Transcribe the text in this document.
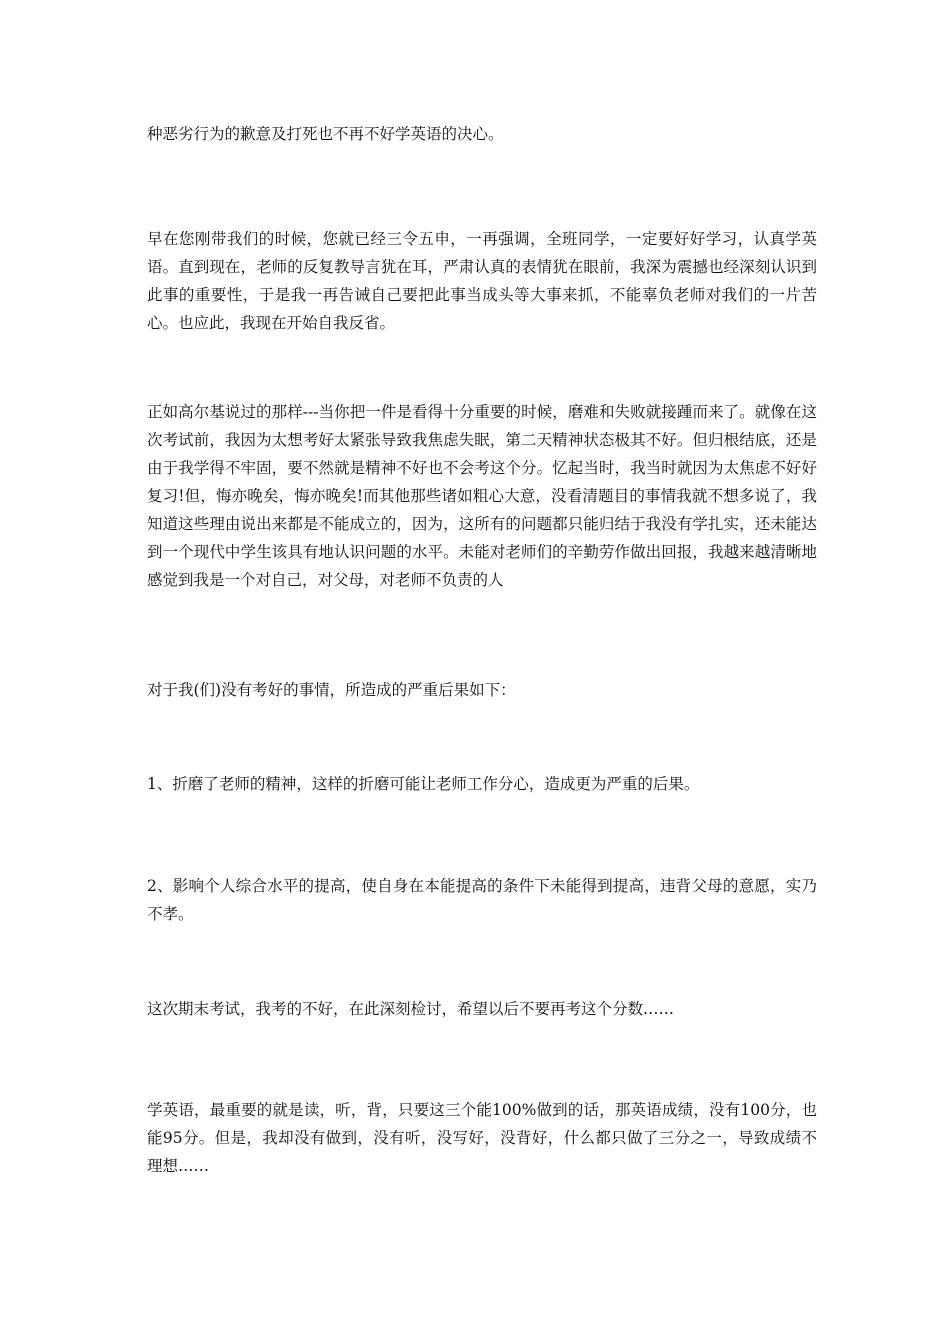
种恶劣行为的歉意及打死也不再不好学英语的决心。

早在您刚带我们的时候，您就已经三令五申，一再强调，全班同学，一定要好好学习，认真学英语。直到现在，老师的反复教导言犹在耳，严肃认真的表情犹在眼前，我深为震撼也经深刻认识到此事的重要性，于是我一再告诫自己要把此事当成头等大事来抓，不能辜负老师对我们的一片苦心。也应此，我现在开始自我反省。

正如高尔基说过的那样---当你把一件是看得十分重要的时候，磨难和失败就接踵而来了。就像在这次考试前，我因为太想考好太紧张导致我焦虑失眠，第二天精神状态极其不好。但归根结底，还是由于我学得不牢固，要不然就是精神不好也不会考这个分。忆起当时，我当时就因为太焦虑不好好复习!但，悔亦晚矣，悔亦晚矣!而其他那些诸如粗心大意，没看清题目的事情我就不想多说了，我知道这些理由说出来都是不能成立的，因为，这所有的问题都只能归结于我没有学扎实，还未能达到一个现代中学生该具有地认识问题的水平。未能对老师们的辛勤劳作做出回报，我越来越清晰地感觉到我是一个对自己，对父母，对老师不负责的人

对于我(们)没有考好的事情，所造成的严重后果如下：

1、折磨了老师的精神，这样的折磨可能让老师工作分心，造成更为严重的后果。

2、影响个人综合水平的提高，使自身在本能提高的条件下未能得到提高，违背父母的意愿，实乃不孝。

这次期末考试，我考的不好，在此深刻检讨，希望以后不要再考这个分数……

学英语，最重要的就是读，听，背，只要这三个能100%做到的话，那英语成绩，没有100分，也能95分。但是，我却没有做到，没有听，没写好，没背好，什么都只做了三分之一，导致成绩不理想……
